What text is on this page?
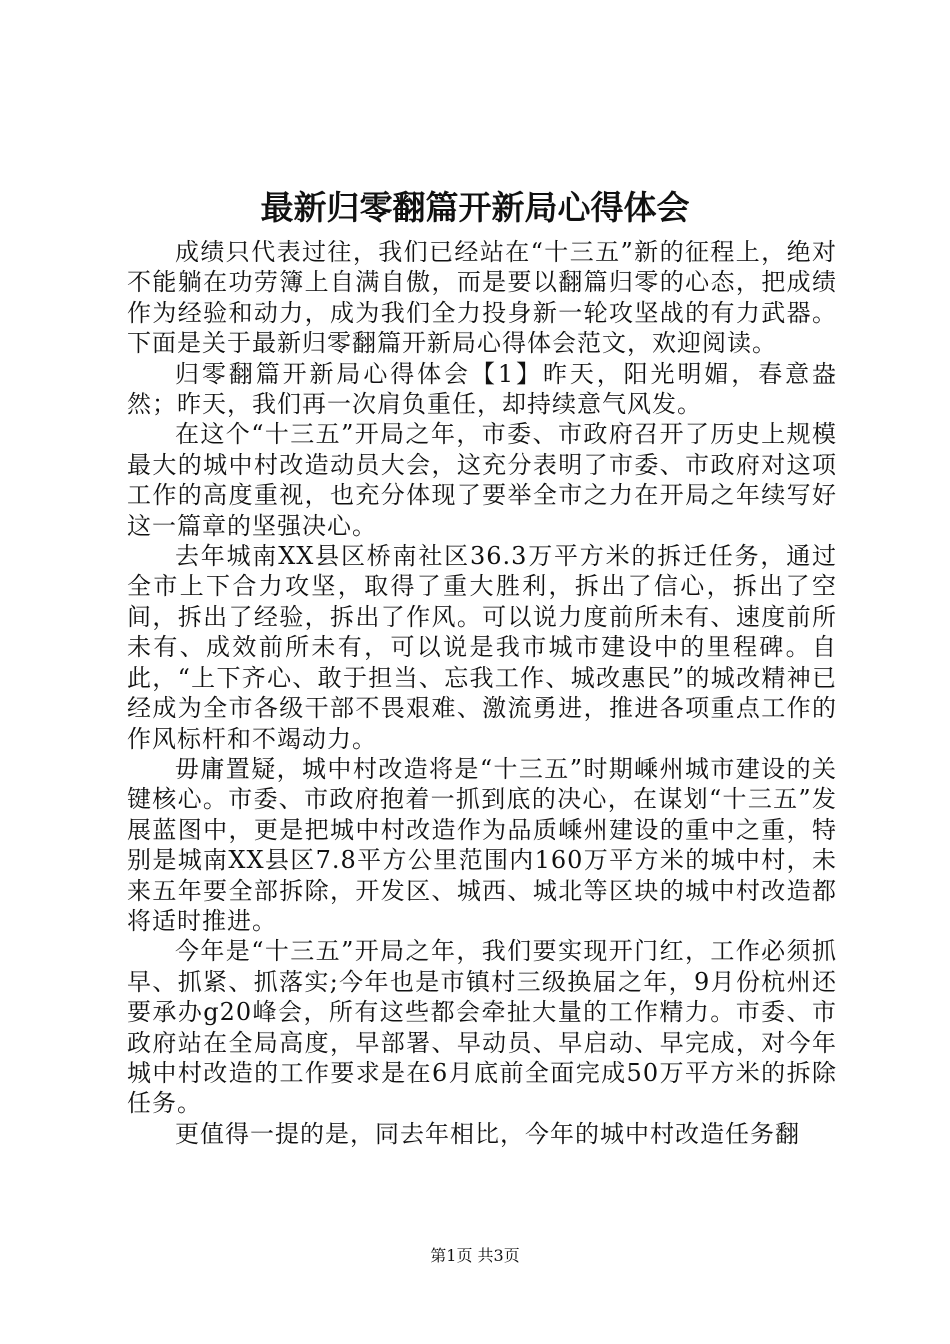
最新归零翻篇开新局心得体会

成绩只代表过往，我们已经站在“十三五”新的征程上，绝对不能躺在功劳簿上自满自傲，而是要以翻篇归零的心态，把成绩作为经验和动力，成为我们全力投身新一轮攻坚战的有力武器。下面是关于最新归零翻篇开新局心得体会范文，欢迎阅读。

归零翻篇开新局心得体会【1】昨天，阳光明媚，春意盎然；昨天，我们再一次肩负重任，却持续意气风发。

在这个“十三五”开局之年，市委、市政府召开了历史上规模最大的城中村改造动员大会，这充分表明了市委、市政府对这项工作的高度重视，也充分体现了要举全市之力在开局之年续写好这一篇章的坚强决心。

去年城南XX县区桥南社区36.3万平方米的拆迁任务，通过全市上下合力攻坚，取得了重大胜利，拆出了信心，拆出了空间，拆出了经验，拆出了作风。可以说力度前所未有、速度前所未有、成效前所未有，可以说是我市城市建设中的里程碑。自此，“上下齐心、敢于担当、忘我工作、城改惠民”的城改精神已经成为全市各级干部不畏艰难、激流勇进，推进各项重点工作的作风标杆和不竭动力。

毋庸置疑，城中村改造将是“十三五”时期嵊州城市建设的关键核心。市委、市政府抱着一抓到底的决心，在谋划“十三五”发展蓝图中，更是把城中村改造作为品质嵊州建设的重中之重，特别是城南XX县区7.8平方公里范围内160万平方米的城中村，未来五年要全部拆除，开发区、城西、城北等区块的城中村改造都将适时推进。

今年是“十三五”开局之年，我们要实现开门红，工作必须抓早、抓紧、抓落实;今年也是市镇村三级换届之年，9月份杭州还要承办g20峰会，所有这些都会牵扯大量的工作精力。市委、市政府站在全局高度，早部署、早动员、早启动、早完成，对今年城中村改造的工作要求是在6月底前全面完成50万平方米的拆除任务。

更值得一提的是，同去年相比，今年的城中村改造任务翻

第1页 共3页
